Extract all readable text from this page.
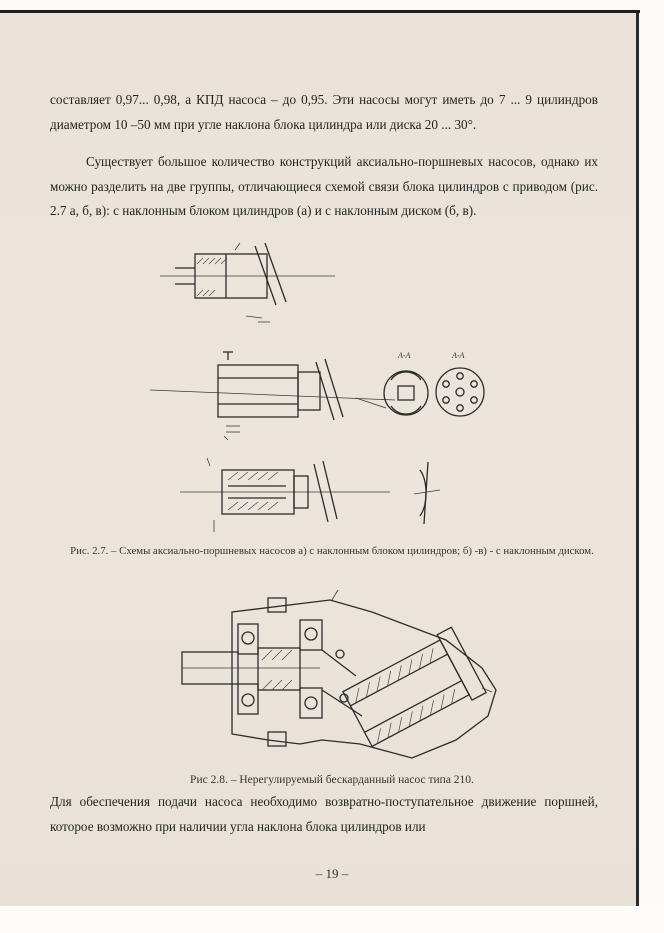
составляет 0,97... 0,98, а КПД насоса – до 0,95. Эти насосы могут иметь до 7 ... 9 цилиндров диаметром 10 –50 мм при угле наклона блока цилиндра или диска 20 ... 30°.

Существует большое количество конструкций аксиально-поршневых насосов, однако их можно разделить на две группы, отличающиеся схемой связи блока цилиндров с приводом (рис. 2.7 а, б, в): с наклонным блоком цилиндров (а) и с наклонным диском (б, в).

А-А	А-А

Рис. 2.7. – Схемы аксиально-поршневых насосов а) с наклонным блоком цилиндров; б) -в) - с наклонным диском.

Рис 2.8. – Нерегулируемый бескарданный насос типа 210.

Для обеспечения подачи насоса необходимо возвратно-поступательное движение поршней, которое возможно при наличии угла наклона блока цилиндров или

– 19 –
